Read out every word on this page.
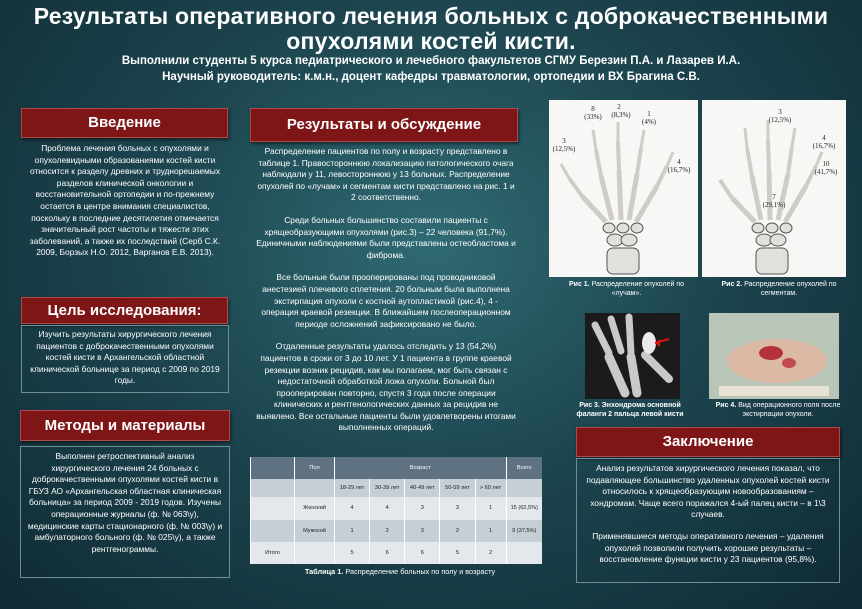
Результаты оперативного лечения больных с доброкачественными
опухолями костей кисти.
Выполнили студенты 5 курса педиатрического и лечебного факультетов СГМУ Березин П.А. и Лазарев И.А.
Научный руководитель: к.м.н., доцент кафедры травматологии, ортопедии и ВХ Брагина С.В.
Введение
Проблема лечения больных с опухолями и опухолевидными образованиями костей кисти относится к разделу древних и труднорешаемых разделов клинической онкологии и восстановительной ортопедии и по-прежнему остается в центре внимания специалистов, поскольку в последние десятилетия отмечается значительный рост частоты и тяжести этих заболеваний, а также их последствий (Серб С.К. 2009, Борзых Н.О. 2012, Варганов Е.В. 2013).
Цель исследования:
Изучить результаты хирургического лечения пациентов с доброкачественными опухолями костей кисти в Архангельской областной клинической больнице за период с 2009 по 2019 годы.
Методы и материалы
Выполнен ретроспективный анализ хирургического лечения 24 больных с доброкачественными опухолями костей кисти в ГБУЗ АО «Архангельская областная клиническая больница» за период 2009 - 2019 годов. Изучены операционные журналы (ф. № 063\у), медицинские карты стационарного (ф. № 003\у) и амбулаторного больного (ф. № 025\у), а также рентгенограммы.
Результаты и обсуждение

Распределение пациентов по полу и возрасту представлено в таблице 1. Правостороннюю локализацию патологического очага наблюдали у 11, левостороннюю у 13 больных. Распределение опухолей по «лучам» и сегментам кисти представлено на рис. 1 и 2 соответственно.

Среди больных большинство составили пациенты с хрящеобразующими опухолями (рис.3) – 22 человека (91,7%). Единичными наблюдениями были представлены остеобластома и фиброма.

Все больные были прооперированы под проводниковой анестезией плечевого сплетения. 20 больным была выполнена экстирпация опухоли с костной аутопластикой (рис.4), 4 - операция краевой резекции. В ближайшем послеоперационном периоде осложнений зафиксировано не было.

Отдаленные результаты удалось отследить у 13 (54,2%) пациентов в сроки от 3 до 10 лет. У 1 пациента в группе краевой резекции возник рецидив, как мы полагаем, мог быть связан с недостаточной обработкой ложа опухоли. Больной был прооперирован повторно, спустя 3 года после операции клинических и рентгенологических данных за рецидив не выявлено. Все остальные пациенты были удовлетворены итогами выполненных операций.

	Пол	Возраст					Всего
		18-29 лет	30-39 лет	40-49 лет	50-59 лет	> 60 лет	
	Женский	4	4	3	3	1	15 (62,5%)
	Мужской	1	2	3	2	1	9 (37,5%)
Итого		5	6	6	5	2	
Таблица 1. Распределение больных по полу и возрасту
2
(8,3%)
8
(33%)	1
(4%)
3
(12,5%)
4
(16,7%)
Рис 1. Распределение опухолей по «лучам».
3
(12,5%)
4
(16,7%)
10
(41,7%)
7
(29,1%)
Рис 2. Распределение опухолей по сегментам.
Рис 3. Энхондрома основной фаланги 2 пальца левой кисти
Рис 4. Вид операционного поля после экстирпации опухоли.
Заключение

Анализ результатов хирургического лечения показал, что подавляющее большинство удаленных опухолей костей кисти относилось к хрящеобразующим новообразованиям – хондромам. Чаще всего поражался 4-ый палец кисти – в 1\3 случаев.

Применявшиеся методы оперативного лечения – удаления опухолей позволили получить хорошие результаты – восстановление функции кисти у 23 пациентов (95,8%).
